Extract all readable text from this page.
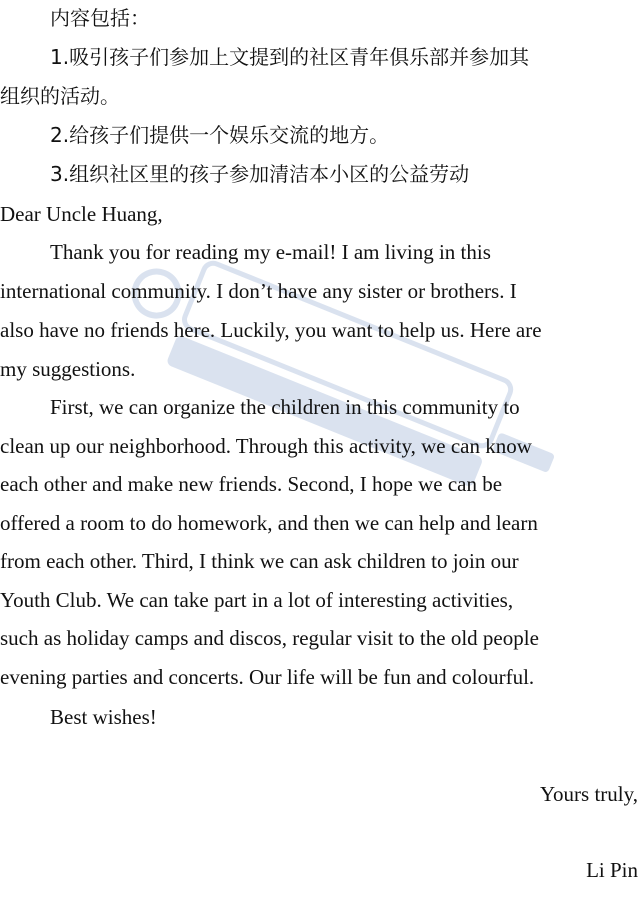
内容包括：
1.吸引孩子们参加上文提到的社区青年俱乐部并参加其
组织的活动。
2.给孩子们提供一个娱乐交流的地方。
3.组织社区里的孩子参加清洁本小区的公益劳动
Dear Uncle Huang,
Thank you for reading my e-mail! I am living in this
international community. I don’t have any sister or brothers. I
also have no friends here. Luckily, you want to help us. Here are
my suggestions.
First, we can organize the children in this community to
clean up our neighborhood. Through this activity, we can know
each other and make new friends. Second, I hope we can be
offered a room to do homework, and then we can help and learn
from each other. Third, I think we can ask children to join our
Youth Club. We can take part in a lot of interesting activities,
such as holiday camps and discos, regular visit to the old people
evening parties and concerts. Our life will be fun and colourful.
Best wishes!
Yours truly,
Li Pin
